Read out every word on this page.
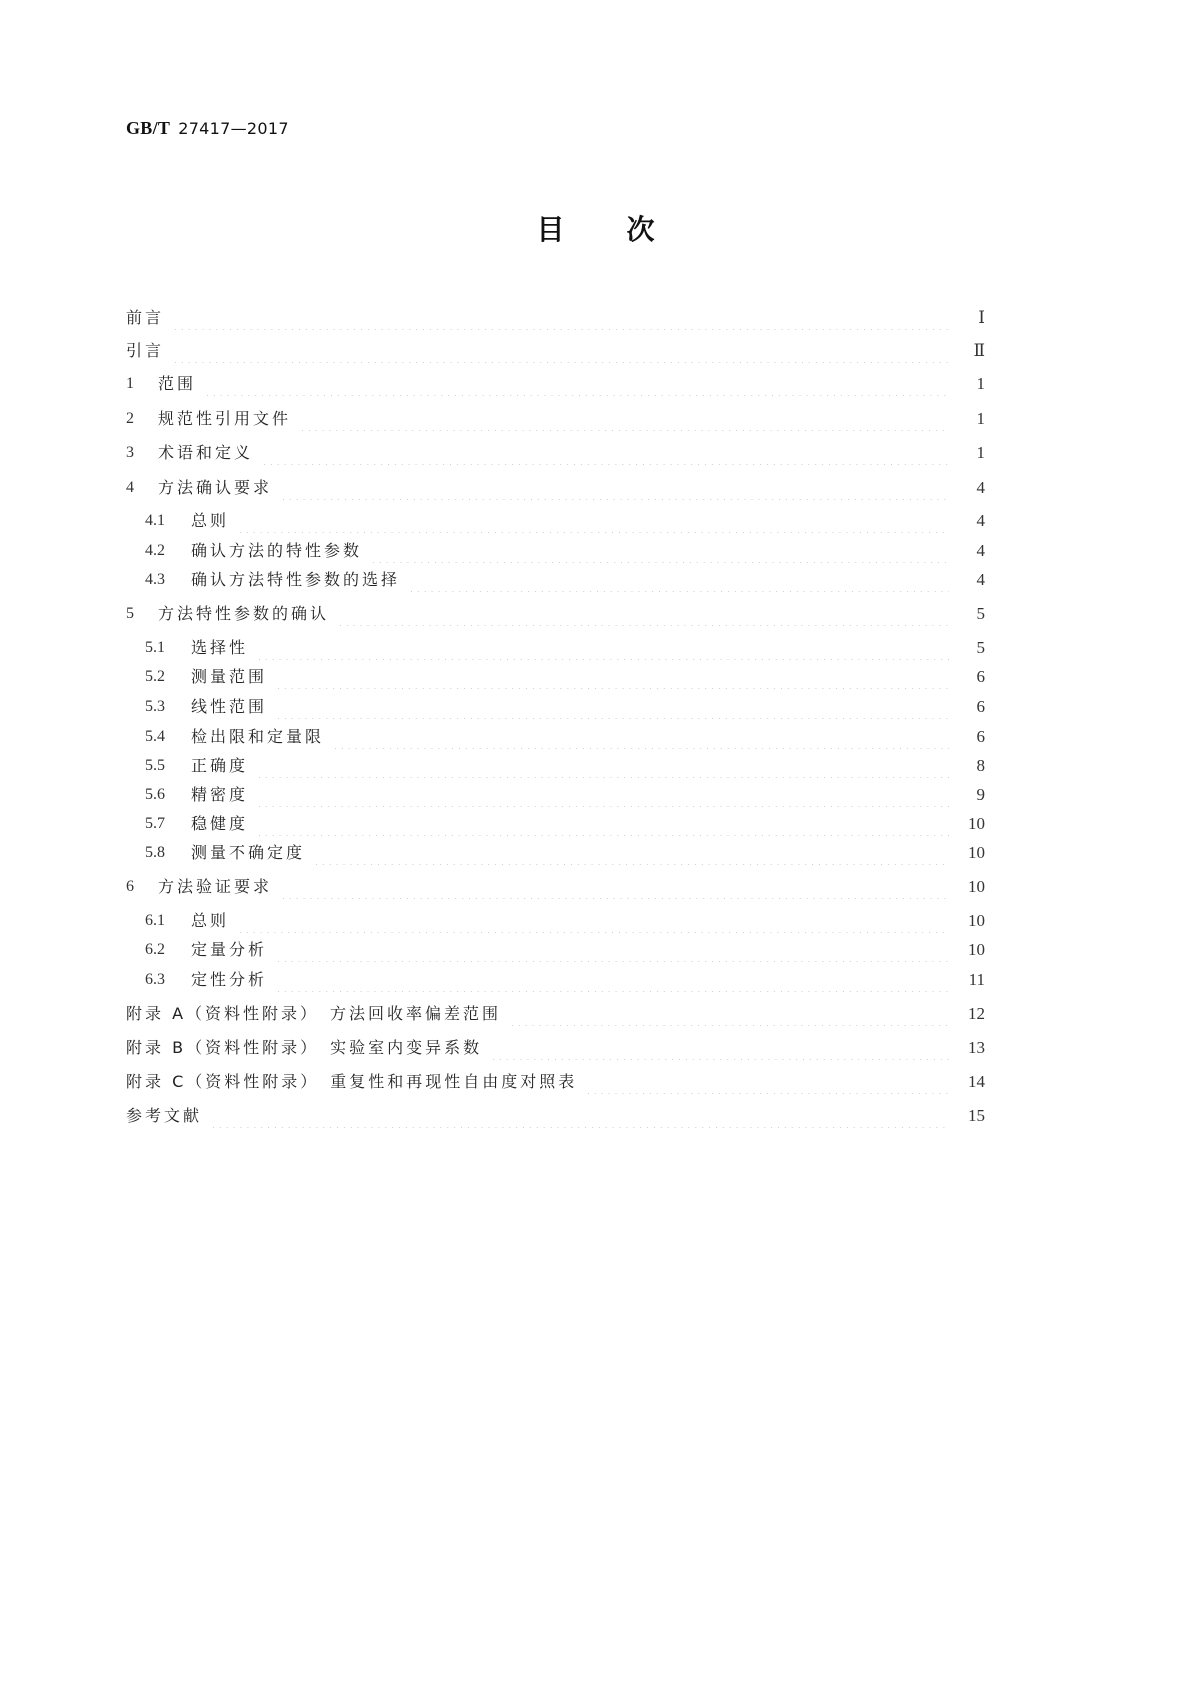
GB/T 27417—2017
目 次
前言	Ⅰ
引言	Ⅱ
1	范围	1
2	规范性引用文件	1
3	术语和定义	1
4	方法确认要求	4
4.1	总则	4
4.2	确认方法的特性参数	4
4.3	确认方法特性参数的选择	4
5	方法特性参数的确认	5
5.1	选择性	5
5.2	测量范围	6
5.3	线性范围	6
5.4	检出限和定量限	6
5.5	正确度	8
5.6	精密度	9
5.7	稳健度	10
5.8	测量不确定度	10
6	方法验证要求	10
6.1	总则	10
6.2	定量分析	10
6.3	定性分析	11
附录 A（资料性附录）　方法回收率偏差范围	12
附录 B（资料性附录）　实验室内变异系数	13
附录 C（资料性附录）　重复性和再现性自由度对照表	14
参考文献	15
